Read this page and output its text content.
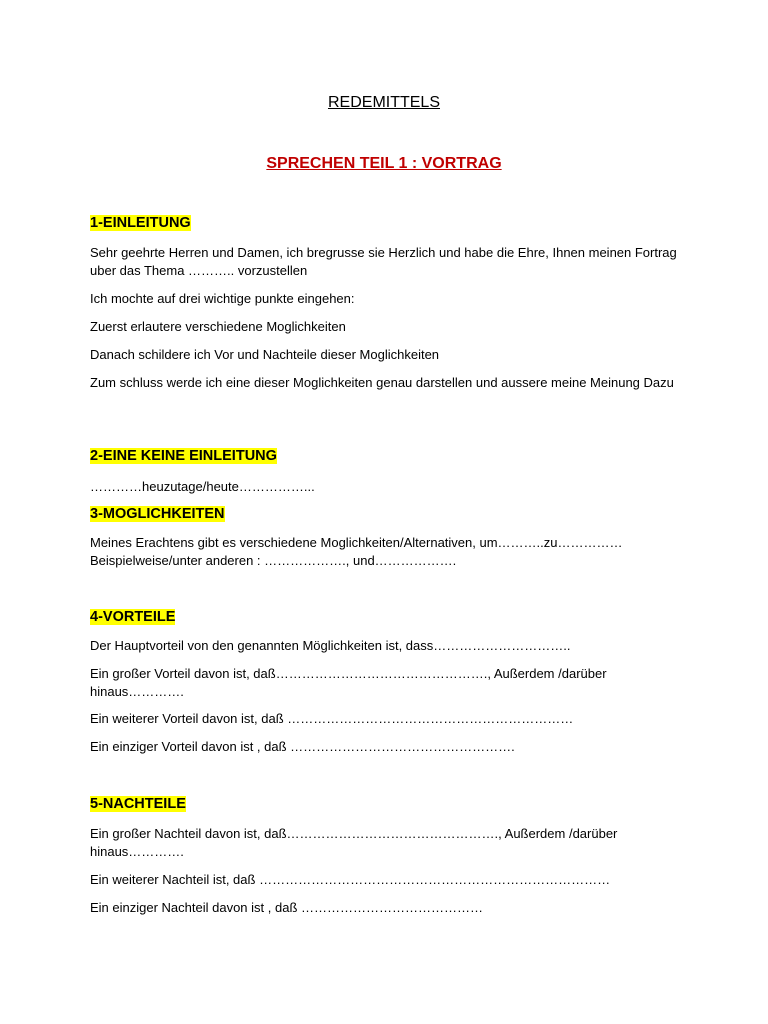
REDEMITTELS
SPRECHEN TEIL 1 : VORTRAG
1-EINLEITUNG
Sehr geehrte Herren und Damen, ich bregrusse sie Herzlich und habe die Ehre, Ihnen meinen Fortrag uber das Thema ……….. vorzustellen
Ich mochte auf drei wichtige punkte eingehen:
Zuerst erlautere verschiedene Moglichkeiten
Danach schildere ich Vor und Nachteile dieser Moglichkeiten
Zum schluss werde ich eine dieser Moglichkeiten genau darstellen und aussere meine Meinung Dazu
2-EINE KEINE EINLEITUNG
…………heuzutage/heute……………...
3-MOGLICHKEITEN
Meines Erachtens gibt es verschiedene Moglichkeiten/Alternativen, um………..zu……………
Beispielweise/unter anderen : ………………., und……………….
4-VORTEILE
Der Hauptvorteil von den genannten Möglichkeiten ist, dass…………………………..
Ein großer Vorteil davon ist, daß…………………………………………., Außerdem /darüber hinaus………….
Ein weiterer Vorteil davon ist, daß …………………………………………………………
Ein einziger Vorteil davon ist , daß …………………………………………….
5-NACHTEILE
Ein großer Nachteil davon ist, daß…………………………………………., Außerdem /darüber hinaus………….
Ein weiterer Nachteil ist, daß ………………………………………………………………………
Ein einziger Nachteil davon ist , daß ……………………………………
